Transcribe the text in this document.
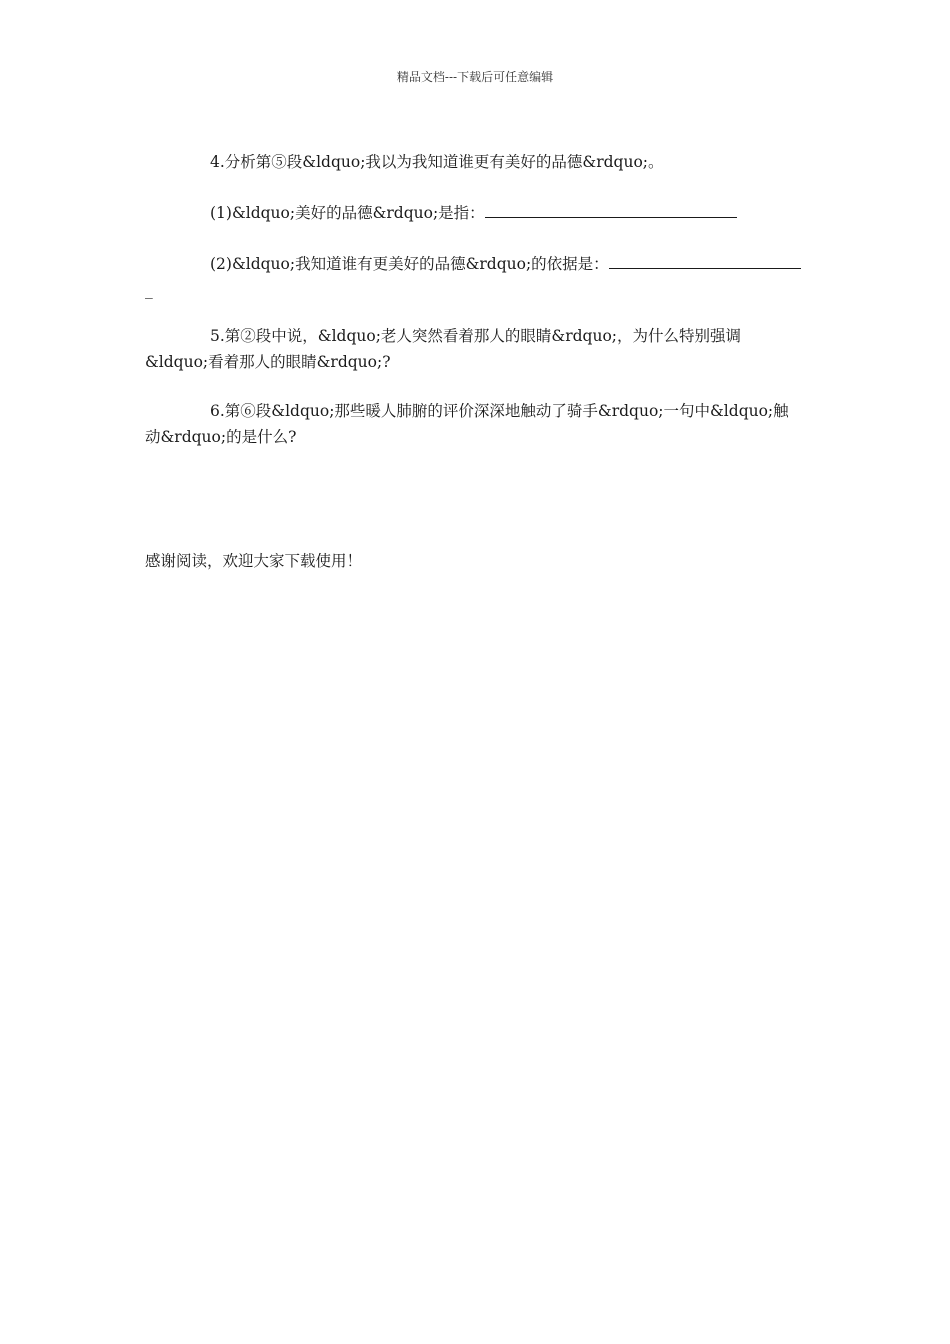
精品文档---下载后可任意编辑
4.分析第⑤段&ldquo;我以为我知道谁更有美好的品德&rdquo;。
(1)&ldquo;美好的品德&rdquo;是指：
(2)&ldquo;我知道谁有更美好的品德&rdquo;的依据是：
_
5.第②段中说，&ldquo;老人突然看着那人的眼睛&rdquo;，为什么特别强调
&ldquo;看着那人的眼睛&rdquo;?
6.第⑥段&ldquo;那些暖人肺腑的评价深深地触动了骑手&rdquo;一句中&ldquo;触
动&rdquo;的是什么?
感谢阅读，欢迎大家下载使用！
